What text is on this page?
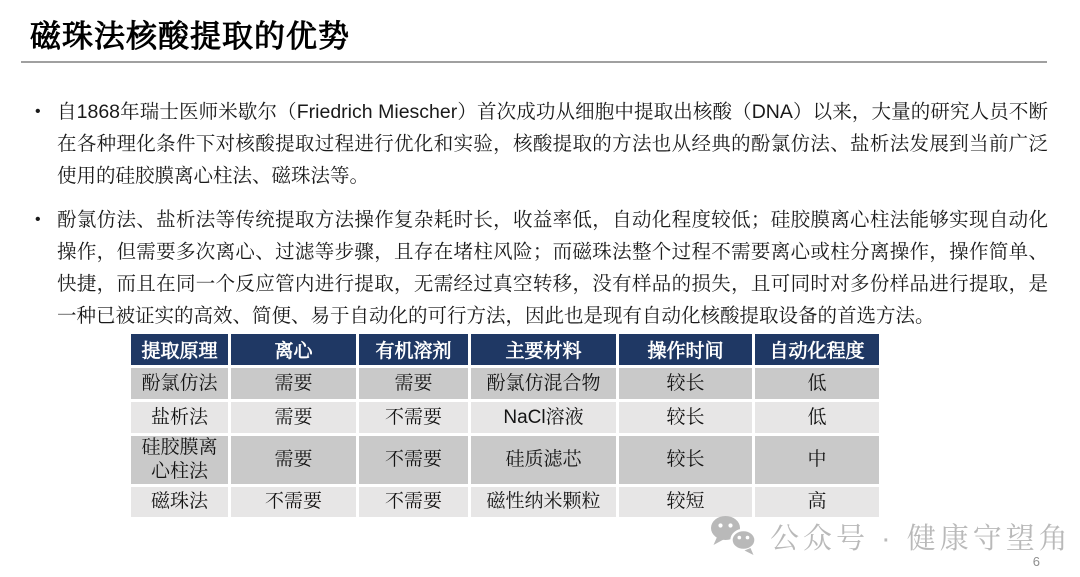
磁珠法核酸提取的优势
• 自1868年瑞士医师米歇尔（Friedrich Miescher）首次成功从细胞中提取出核酸（DNA）以来，大量的研究人员不断在各种理化条件下对核酸提取过程进行优化和实验，核酸提取的方法也从经典的酚氯仿法、盐析法发展到当前广泛使用的硅胶膜离心柱法、磁珠法等。
• 酚氯仿法、盐析法等传统提取方法操作复杂耗时长，收益率低，自动化程度较低；硅胶膜离心柱法能够实现自动化操作，但需要多次离心、过滤等步骤，且存在堵柱风险；而磁珠法整个过程不需要离心或柱分离操作，操作简单、快捷，而且在同一个反应管内进行提取，无需经过真空转移，没有样品的损失，且可同时对多份样品进行提取，是一种已被证实的高效、简便、易于自动化的可行方法，因此也是现有自动化核酸提取设备的首选方法。
提取原理	离心	有机溶剂	主要材料	操作时间	自动化程度
酚氯仿法	需要	需要	酚氯仿混合物	较长	低
盐析法	需要	不需要	NaCl溶液	较长	低
硅胶膜离心柱法	需要	不需要	硅质滤芯	较长	中
磁珠法	不需要	不需要	磁性纳米颗粒	较短	高
公众号 · 健康守望角
6
